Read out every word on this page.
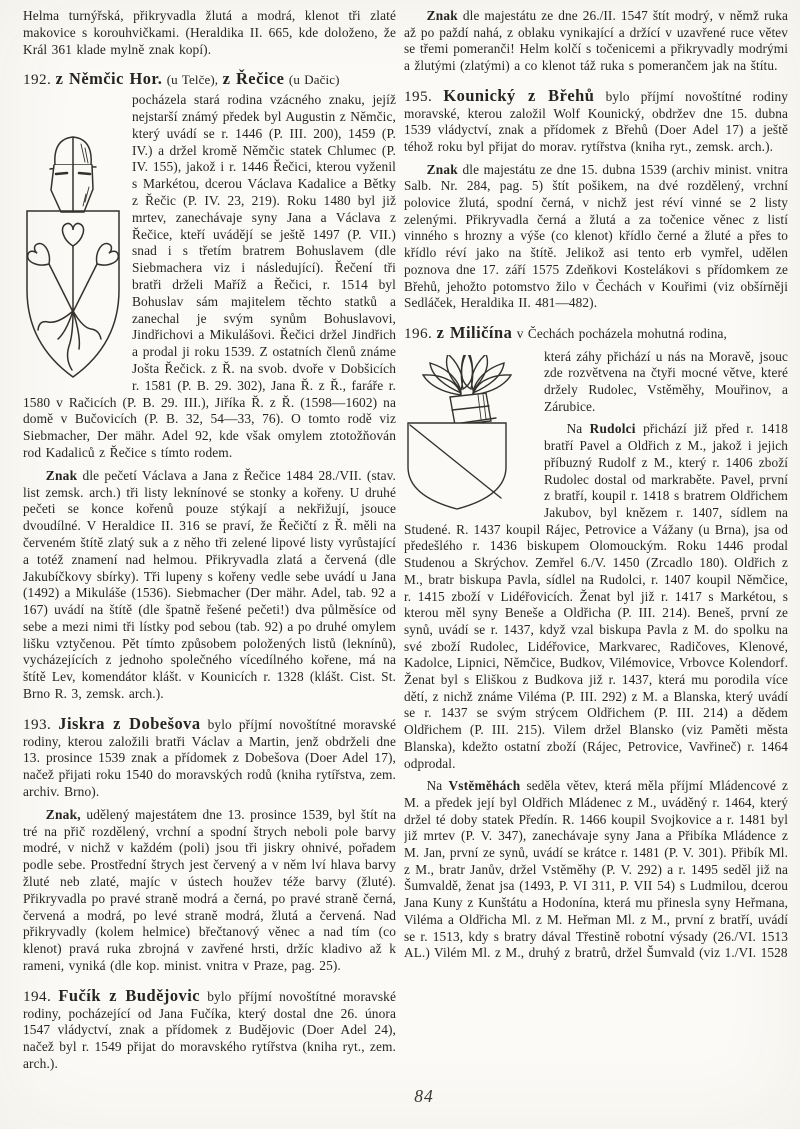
Helma turnýřská, přikryvadla žlutá a modrá, klenot tři zlaté makovice s korouhvičkami. (Heraldika II. 665, kde doloženo, že Král 361 klade mylně znak kopí).

192. z Němčic Hor. (u Telče), z Řečice (u Dačic)

pocházela stará rodina vzácného znaku, jejíž nejstarší známý předek byl Augustin z Němčic, který uvádí se r. 1446 (P. III. 200), 1459 (P. IV.) a držel kromě Němčic statek Chlumec (P. IV. 155), jakož i r. 1446 Řečici, kterou vyženil s Markétou, dcerou Václava Kadalice a Bětky z Řečic (P. IV. 23, 219). Roku 1480 byl již mrtev, zanechávaje syny Jana a Václava z Řečice, kteří uvádějí se ještě 1497 (P. VII.) snad i s třetím bratrem Bohuslavem (dle Siebmachera viz i následující). Řečení tři bratři drželi Maříž a Řečici, r. 1514 byl Bohuslav sám majitelem těchto statků a zanechal je svým synům Bohuslavovi, Jindřichovi a Mikulášovi. Řečici držel Jindřich a prodal ji roku 1539. Z ostatních členů známe Jošta Řečick. z Ř. na svob. dvoře v Dobšicích r. 1581 (P. B. 29. 302), Jana Ř. z Ř., faráře r. 1580 v Račicích (P. B. 29. III.), Jiříka Ř. z Ř. (1598—1602) na domě v Bučovicích (P. B. 32, 54—33, 76). O tomto rodě viz Siebmacher, Der mähr. Adel 92, kde však omylem ztotožňován rod Kadaliců z Řečice s tímto rodem.

Znak dle pečetí Václava a Jana z Řečice 1484 28./VII. (stav. list zemsk. arch.) tři listy leknínové se stonky a kořeny. U druhé pečeti se konce kořenů pouze stýkají a nekřižují, jsouce dvoudílné. V Heraldice II. 316 se praví, že Řečičtí z Ř. měli na červeném štítě zlatý suk a z něho tři zelené lipové listy vyrůstající a totéž znamení nad helmou. Přikryvadla zlatá a červená (dle Jakubíčkovy sbírky). Tři lupeny s kořeny vedle sebe uvádí u Jana (1492) a Mikuláše (1536). Siebmacher (Der mähr. Adel, tab. 92 a 167) uvádí na štítě (dle špatně řešené pečeti!) dva půlměsíce od sebe a mezi nimi tři lístky pod sebou (tab. 92) a po druhé omylem lišku vztyčenou. Pět tímto způsobem položených listů (leknínů), vycházejících z jednoho společného vícedílného kořene, má na štítě Lev, komendátor klášt. v Kounicích r. 1328 (klášt. Cist. St. Brno R. 3, zemsk. arch.).

193. Jiskra z Dobešova bylo příjmí novoštítné moravské rodiny, kterou založili bratři Václav a Martin, jenž obdrželi dne 13. prosince 1539 znak a přídomek z Dobešova (Doer Adel 17), načež přijati roku 1540 do moravských rodů (kniha rytířstva, zem. archiv. Brno).

Znak, udělený majestátem dne 13. prosince 1539, byl štít na tré na přič rozdělený, vrchní a spodní štrych neboli pole barvy modré, v nichž v každém (poli) jsou tři jiskry ohnivé, pořadem podle sebe. Prostřední štrych jest červený a v něm lví hlava barvy žluté neb zlaté, majíc v ústech houžev téže barvy (žluté). Přikryvadla po pravé straně modrá a černá, po pravé straně černá, červená a modrá, po levé straně modrá, žlutá a červená. Nad přikryvadly (kolem helmice) břečtanový věnec a nad tím (co klenot) pravá ruka zbrojná v zavřené hrsti, držíc kladivo až k rameni, vyniká (dle kop. minist. vnitra v Praze, pag. 25).

194. Fučík z Budějovic bylo příjmí novoštítné moravské rodiny, pocházející od Jana Fučíka, který dostal dne 26. února 1547 vládyctví, znak a přídomek z Budějovic (Doer Adel 24), načež byl r. 1549 přijat do moravského rytířstva (kniha ryt., zem. arch.).

Znak dle majestátu ze dne 26./II. 1547 štít modrý, v němž ruka až po paždí nahá, z oblaku vynikající a držící v uzavřené ruce větev se třemi pomeranči! Helm kolčí s točenicemi a přikryvadly modrými a žlutými (zlatými) a co klenot táž ruka s pomerančem jak na štítu.

195. Kounický z Břehů bylo příjmí novoštítné rodiny moravské, kterou založil Wolf Kounický, obdržev dne 15. dubna 1539 vládyctví, znak a přídomek z Břehů (Doer Adel 17) a ještě téhož roku byl přijat do morav. rytířstva (kniha ryt., zemsk. arch.).

Znak dle majestátu ze dne 15. dubna 1539 (archiv minist. vnitra Salb. Nr. 284, pag. 5) štít pošikem, na dvé rozdělený, vrchní polovice žlutá, spodní černá, v nichž jest réví vinné se 2 listy zelenými. Přikryvadla černá a žlutá a za točenice věnec z listí vinného s hrozny a výše (co klenot) křídlo černé a žluté a přes to křídlo réví jako na štítě. Jelikož asi tento erb vymřel, udělen poznova dne 17. září 1575 Zdeňkovi Kostelákovi s přídomkem ze Břehů, jehožto potomstvo žilo v Čechách v Kouřimi (viz obšírněji Sedláček, Heraldika II. 481—482).

196. z Miličína v Čechách pocházela mohutná rodina,

která záhy přichází u nás na Moravě, jsouc zde rozvětvena na čtyři mocné větve, které držely Rudolec, Vstěměhy, Mouřinov, a Zárubice.

Na Rudolci přichází již před r. 1418 bratří Pavel a Oldřich z M., jakož i jejich příbuzný Rudolf z M., který r. 1406 zboží Rudolec dostal od markraběte. Pavel, první z bratří, koupil r. 1418 s bratrem Oldřichem Jakubov, byl knězem r. 1407, sídlem na Studené. R. 1437 koupil Rájec, Petrovice a Vážany (u Brna), jsa od předešlého r. 1436 biskupem Olomouckým. Roku 1446 prodal Studenou a Skrýchov. Zemřel 6./V. 1450 (Zrcadlo 180). Oldřich z M., bratr biskupa Pavla, sídlel na Rudolci, r. 1407 koupil Němčice, r. 1415 zboží v Lidéřovicích. Ženat byl již r. 1417 s Markétou, s kterou měl syny Beneše a Oldřicha (P. III. 214). Beneš, první ze synů, uvádí se r. 1437, když vzal biskupa Pavla z M. do spolku na své zboží Rudolec, Lidéřovice, Markvarec, Radičoves, Klenové, Kadolce, Lipnici, Němčice, Budkov, Vilémovice, Vrbovce Kolendorf. Ženat byl s Eliškou z Budkova již r. 1437, která mu porodila více dětí, z nichž známe Viléma (P. III. 292) z M. a Blanska, který uvádí se r. 1437 se svým strýcem Oldřichem (P. III. 214) a dědem Oldřichem (P. III. 215). Vilem držel Blansko (viz Paměti města Blanska), kdežto ostatní zboží (Rájec, Petrovice, Vavřineč) r. 1464 odprodal.

Na Vstěměhách seděla větev, která měla příjmí Mládencové z M. a předek její byl Oldřich Mládenec z M., uváděný r. 1464, který držel té doby statek Předín. R. 1466 koupil Svojkovice a r. 1481 byl již mrtev (P. V. 347), zanechávaje syny Jana a Přibíka Mládence z M. Jan, první ze synů, uvádí se krátce r. 1481 (P. V. 301). Přibík Ml. z M., bratr Janův, držel Vstěměhy (P. V. 292) a r. 1495 seděl již na Šumvaldě, ženat jsa (1493, P. VI 311, P. VII 54) s Ludmilou, dcerou Jana Kuny z Kunštátu a Hodonína, která mu přinesla syny Heřmana, Viléma a Oldřicha Ml. z M. Heřman Ml. z M., první z bratří, uvádí se r. 1513, kdy s bratry dával Třestině robotní výsady (26./VI. 1513 AL.) Vilém Ml. z M., druhý z bratrů, držel Šumvald (viz 1./VI. 1528

84
